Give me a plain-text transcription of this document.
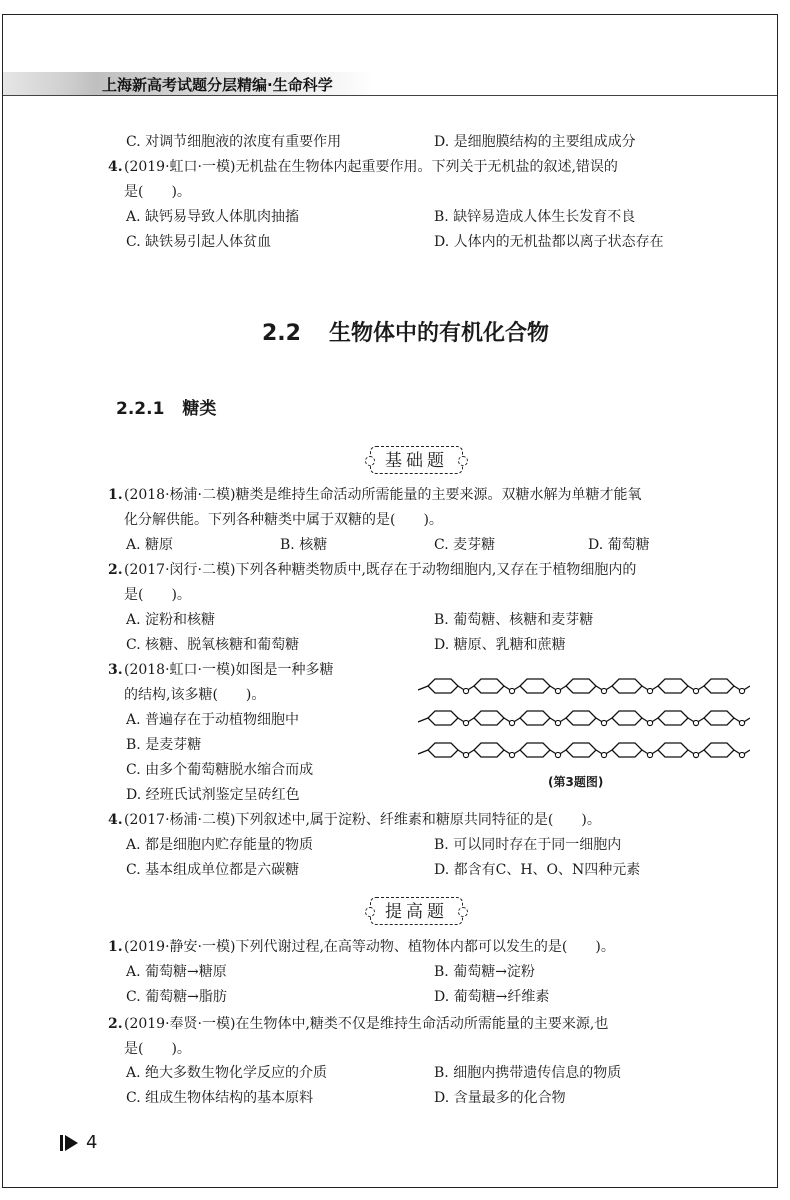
上海新高考试题分层精编·生命科学
C. 对调节细胞液的浓度有重要作用	D. 是细胞膜结构的主要组成成分
4. (2019·虹口·一模)无机盐在生物体内起重要作用。下列关于无机盐的叙述,错误的
是(　　)。
A. 缺钙易导致人体肌肉抽搐	B. 缺锌易造成人体生长发育不良
C. 缺铁易引起人体贫血	D. 人体内的无机盐都以离子状态存在
2.2 生物体中的有机化合物
2.2.1 糖类
基础题
1. (2018·杨浦·二模)糖类是维持生命活动所需能量的主要来源。双糖水解为单糖才能氧
化分解供能。下列各种糖类中属于双糖的是(　　)。
A. 糖原	B. 核糖	C. 麦芽糖	D. 葡萄糖
2. (2017·闵行·二模)下列各种糖类物质中,既存在于动物细胞内,又存在于植物细胞内的
是(　　)。
A. 淀粉和核糖	B. 葡萄糖、核糖和麦芽糖
C. 核糖、脱氧核糖和葡萄糖	D. 糖原、乳糖和蔗糖
3. (2018·虹口·一模)如图是一种多糖
的结构,该多糖(　　)。
A. 普遍存在于动植物细胞中
B. 是麦芽糖
C. 由多个葡萄糖脱水缩合而成
D. 经班氏试剂鉴定呈砖红色
(第3题图)
4. (2017·杨浦·二模)下列叙述中,属于淀粉、纤维素和糖原共同特征的是(　　)。
A. 都是细胞内贮存能量的物质	B. 可以同时存在于同一细胞内
C. 基本组成单位都是六碳糖	D. 都含有C、H、O、N四种元素
提高题
1. (2019·静安·一模)下列代谢过程,在高等动物、植物体内都可以发生的是(　　)。
A. 葡萄糖→糖原	B. 葡萄糖→淀粉
C. 葡萄糖→脂肪	D. 葡萄糖→纤维素
2. (2019·奉贤·一模)在生物体中,糖类不仅是维持生命活动所需能量的主要来源,也
是(　　)。
A. 绝大多数生物化学反应的介质	B. 细胞内携带遗传信息的物质
C. 组成生物体结构的基本原料	D. 含量最多的化合物
4
